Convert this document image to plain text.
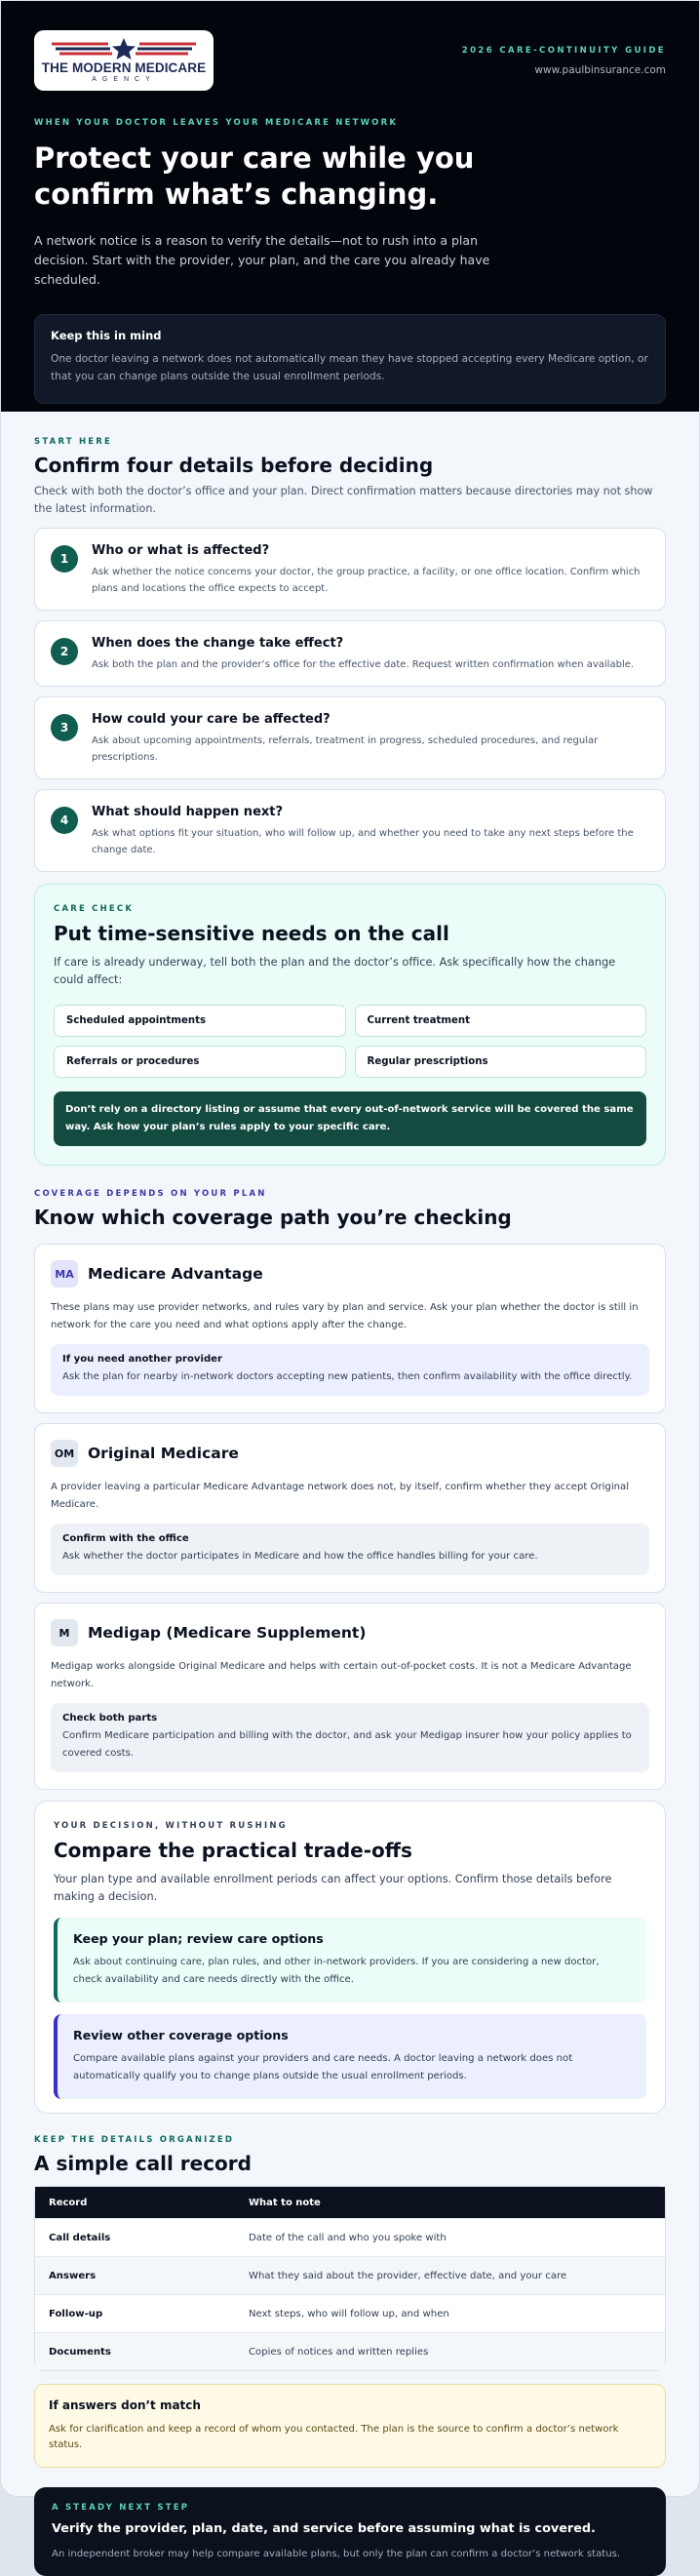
THE MODERN MEDICARE
AGENCY
2026 CARE-CONTINUITY GUIDE
www.paulbinsurance.com
WHEN YOUR DOCTOR LEAVES YOUR MEDICARE NETWORK
Protect your care while you confirm what’s changing.

A network notice is a reason to verify the details—not to rush into a plan decision. Start with the provider, your plan, and the care you already have scheduled.

Keep this in mind
One doctor leaving a network does not automatically mean they have stopped accepting every Medicare option, or that you can change plans outside the usual enrollment periods.
START HERE
Confirm four details before deciding

Check with both the doctor’s office and your plan. Direct confirmation matters because directories may not show the latest information.

1
Who or what is affected?
Ask whether the notice concerns your doctor, the group practice, a facility, or one office location. Confirm which plans and locations the office expects to accept.
2
When does the change take effect?
Ask both the plan and the provider’s office for the effective date. Request written confirmation when available.
3
How could your care be affected?
Ask about upcoming appointments, referrals, treatment in progress, scheduled procedures, and regular prescriptions.
4
What should happen next?
Ask what options fit your situation, who will follow up, and whether you need to take any next steps before the change date.
CARE CHECK
Put time-sensitive needs on the call

If care is already underway, tell both the plan and the doctor’s office. Ask specifically how the change could affect:

Scheduled appointments	Current treatment
Referrals or procedures	Regular prescriptions
Don’t rely on a directory listing or assume that every out-of-network service will be covered the same way. Ask how your plan’s rules apply to your specific care.
COVERAGE DEPENDS ON YOUR PLAN
Know which coverage path you’re checking
MA Medicare Advantage
These plans may use provider networks, and rules vary by plan and service. Ask your plan whether the doctor is still in network for the care you need and what options apply after the change.
If you need another provider
Ask the plan for nearby in-network doctors accepting new patients, then confirm availability with the office directly.
OM Original Medicare
A provider leaving a particular Medicare Advantage network does not, by itself, confirm whether they accept Original Medicare.
Confirm with the office
Ask whether the doctor participates in Medicare and how the office handles billing for your care.
M	Medigap (Medicare Supplement)
Medigap works alongside Original Medicare and helps with certain out-of-pocket costs. It is not a Medicare Advantage network.
Check both parts
Confirm Medicare participation and billing with the doctor, and ask your Medigap insurer how your policy applies to covered costs.
YOUR DECISION, WITHOUT RUSHING
Compare the practical trade-offs

Your plan type and available enrollment periods can affect your options. Confirm those details before making a decision.

Keep your plan; review care options
Ask about continuing care, plan rules, and other in-network providers. If you are considering a new doctor, check availability and care needs directly with the office.
Review other coverage options
Compare available plans against your providers and care needs. A doctor leaving a network does not automatically qualify you to change plans outside the usual enrollment periods.
KEEP THE DETAILS ORGANIZED
A simple call record
Record	What to note
Call details	Date of the call and who you spoke with
Answers	What they said about the provider, effective date, and your care
Follow-up	Next steps, who will follow up, and when
Documents	Copies of notices and written replies
If answers don’t match
Ask for clarification and keep a record of whom you contacted. The plan is the source to confirm a doctor’s network status.
A STEADY NEXT STEP
Verify the provider, plan, date, and service before assuming what is covered.
An independent broker may help compare available plans, but only the plan can confirm a doctor’s network status.
